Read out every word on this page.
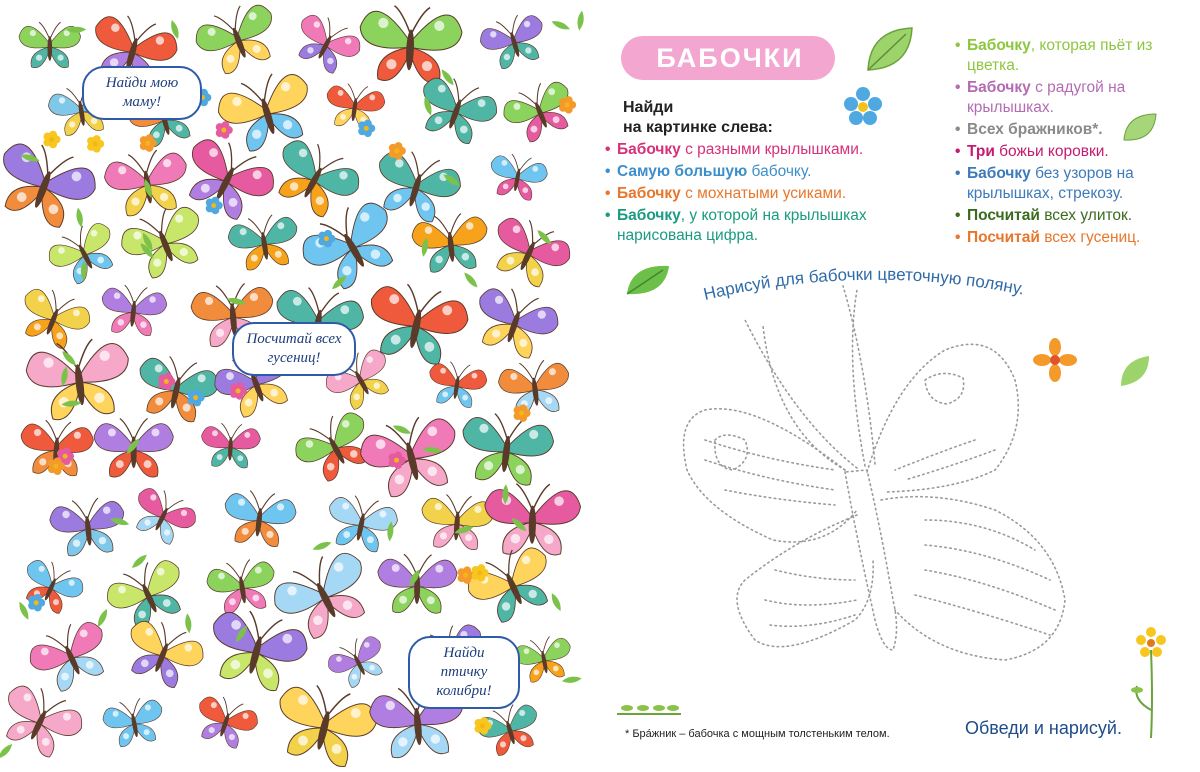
Найди мою маму!
Посчитай всех гусениц!
Найди птичку колибри!
БАБОЧКИ
Найди
на картинке слева:
• Бабочку с разными крылышками.
• Самую большую бабочку.
• Бабочку с мохнатыми усиками.
• Бабочку, у которой на крылышках нарисована цифра.
• Бабочку, которая пьёт из цветка.
• Бабочку с радугой на крылышках.
• Всех бражников*.
• Три божьи коровки.
• Бабочку без узоров на крылышках, стрекозу.
• Посчитай всех улиток.
• Посчитай всех гусениц.
Нарисуй для бабочки цветочную поляну.
* Бра́жник – бабочка с мощным толстеньким телом.	Обведи и нарисуй.
